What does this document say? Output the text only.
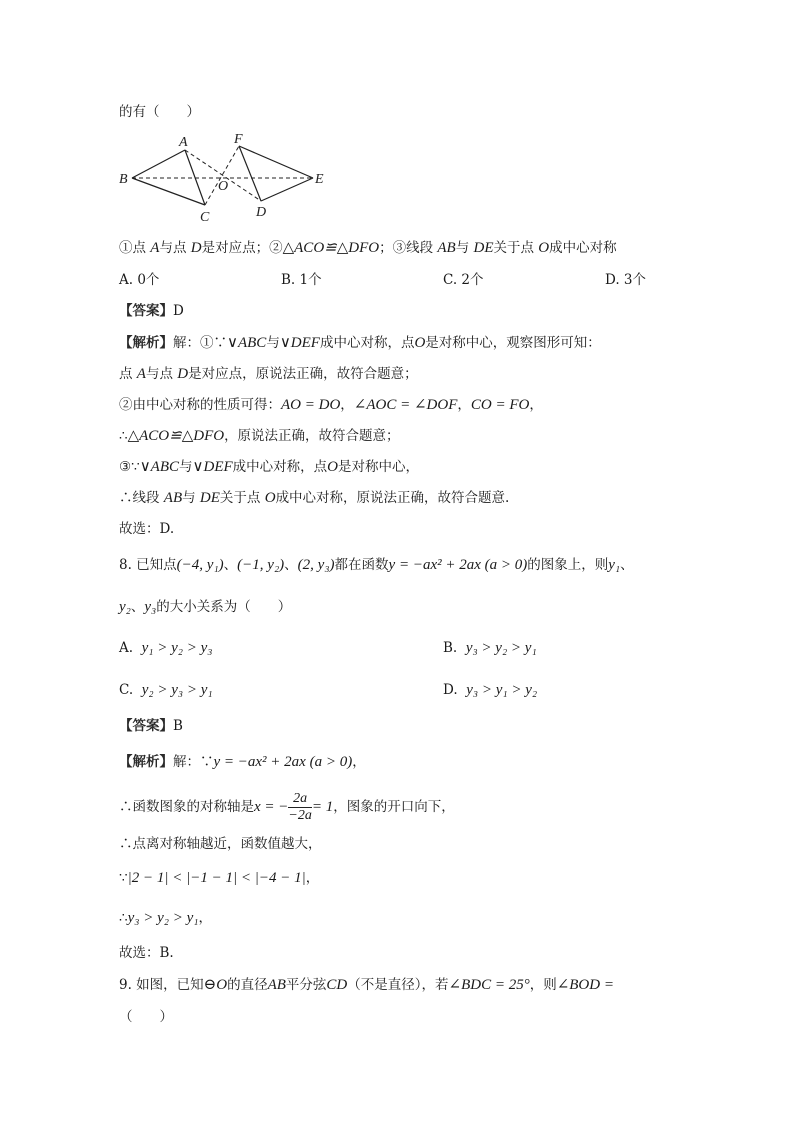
的有（　　）
B
A
C
O
F
D
E
①点 A与点 D是对应点；②△ACO≌△DFO；③线段 AB与 DE关于点 O成中心对称
A. 0个	B. 1个	C. 2个	D. 3个
【答案】D
【解析】解：①∵∨ABC与∨DEF成中心对称，点O是对称中心，观察图形可知：
点 A与点 D是对应点，原说法正确，故符合题意；
②由中心对称的性质可得：AO = DO，∠AOC = ∠DOF，CO = FO，
∴△ACO≌△DFO，原说法正确，故符合题意；
③∵∨ABC与∨DEF成中心对称，点O是对称中心，
∴线段 AB与 DE关于点 O成中心对称，原说法正确，故符合题意.
故选：D.
8. 已知点(−4, y₁)、(−1, y₂)、(2, y₃)都在函数y = −ax² + 2ax (a > 0)的图象上，则y₁、
y₂、y₃的大小关系为（　　）
A. y₁ > y₂ > y₃	B. y₃ > y₂ > y₁
C. y₂ > y₃ > y₁	D. y₃ > y₁ > y₂
【答案】B
【解析】解：∵y = −ax² + 2ax (a > 0)，
∴函数图象的对称轴是x = − $\frac{2a}{-2a} = 1$，图象的开口向下，
∴点离对称轴越近，函数值越大，
∵|2 − 1| < |−1 − 1| < |−4 − 1|，
∴y₃ > y₂ > y₁，
故选：B.
9. 如图，已知⊖O的直径AB平分弦CD（不是直径），若∠BDC = 25°，则∠BOD =
（　　）
